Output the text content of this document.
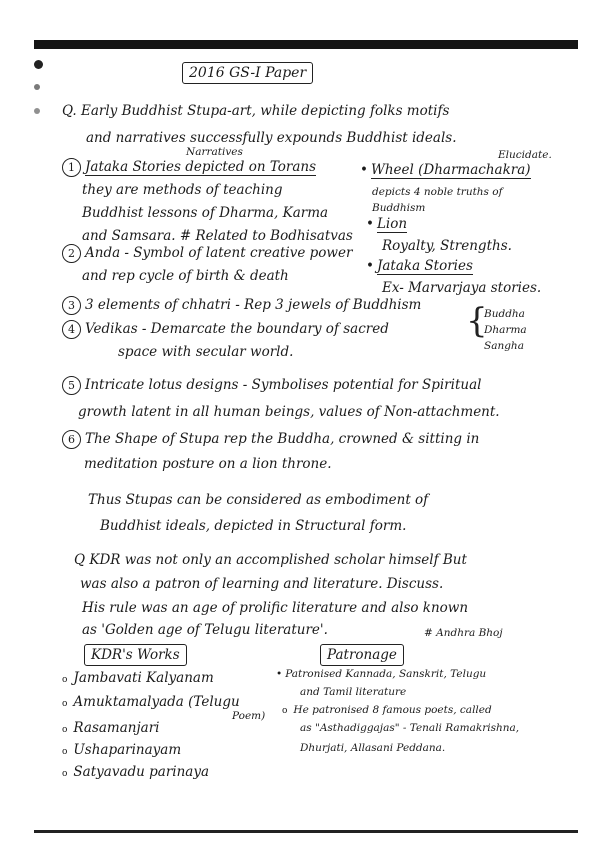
2016 GS-I Paper
Q. Early Buddhist Stupa-art, while depicting folks motifs
and narratives successfully expounds Buddhist ideals.
Elucidate.
Narratives
1 Jataka Stories depicted on Torans
they are methods of teaching
Buddhist lessons of Dharma, Karma
and Samsara. # Related to Bodhisatvas
• Wheel (Dharmachakra)
depicts 4 noble truths of
Buddhism
• Lion
Royalty, Strengths.
• Jataka Stories
Ex- Marvarjaya stories.
2 Anda - Symbol of latent creative power
and rep cycle of birth & death
3 3 elements of chhatri - Rep 3 jewels of Buddhism {
Buddha
Dharma
Sangha
4 Vedikas - Demarcate the boundary of sacred
space with secular world.
5 Intricate lotus designs - Symbolises potential for Spiritual
growth latent in all human beings, values of Non-attachment.
6 The Shape of Stupa rep the Buddha, crowned & sitting in
meditation posture on a lion throne.
Thus Stupas can be considered as embodiment of
Buddhist ideals, depicted in Structural form.
Q KDR was not only an accomplished scholar himself But
was also a patron of learning and literature. Discuss.
His rule was an age of prolific literature and also known
as 'Golden age of Telugu literature'.	# Andhra Bhoj
KDR's Works	Patronage
o Jambavati Kalyanam
o Amuktamalyada (Telugu
Poem)
o Rasamanjari
o Ushaparinayam
o Satyavadu parinaya
• Patronised Kannada, Sanskrit, Telugu
and Tamil literature
o He patronised 8 famous poets, called
as "Asthadiggajas" - Tenali Ramakrishna,
Dhurjati, Allasani Peddana.
